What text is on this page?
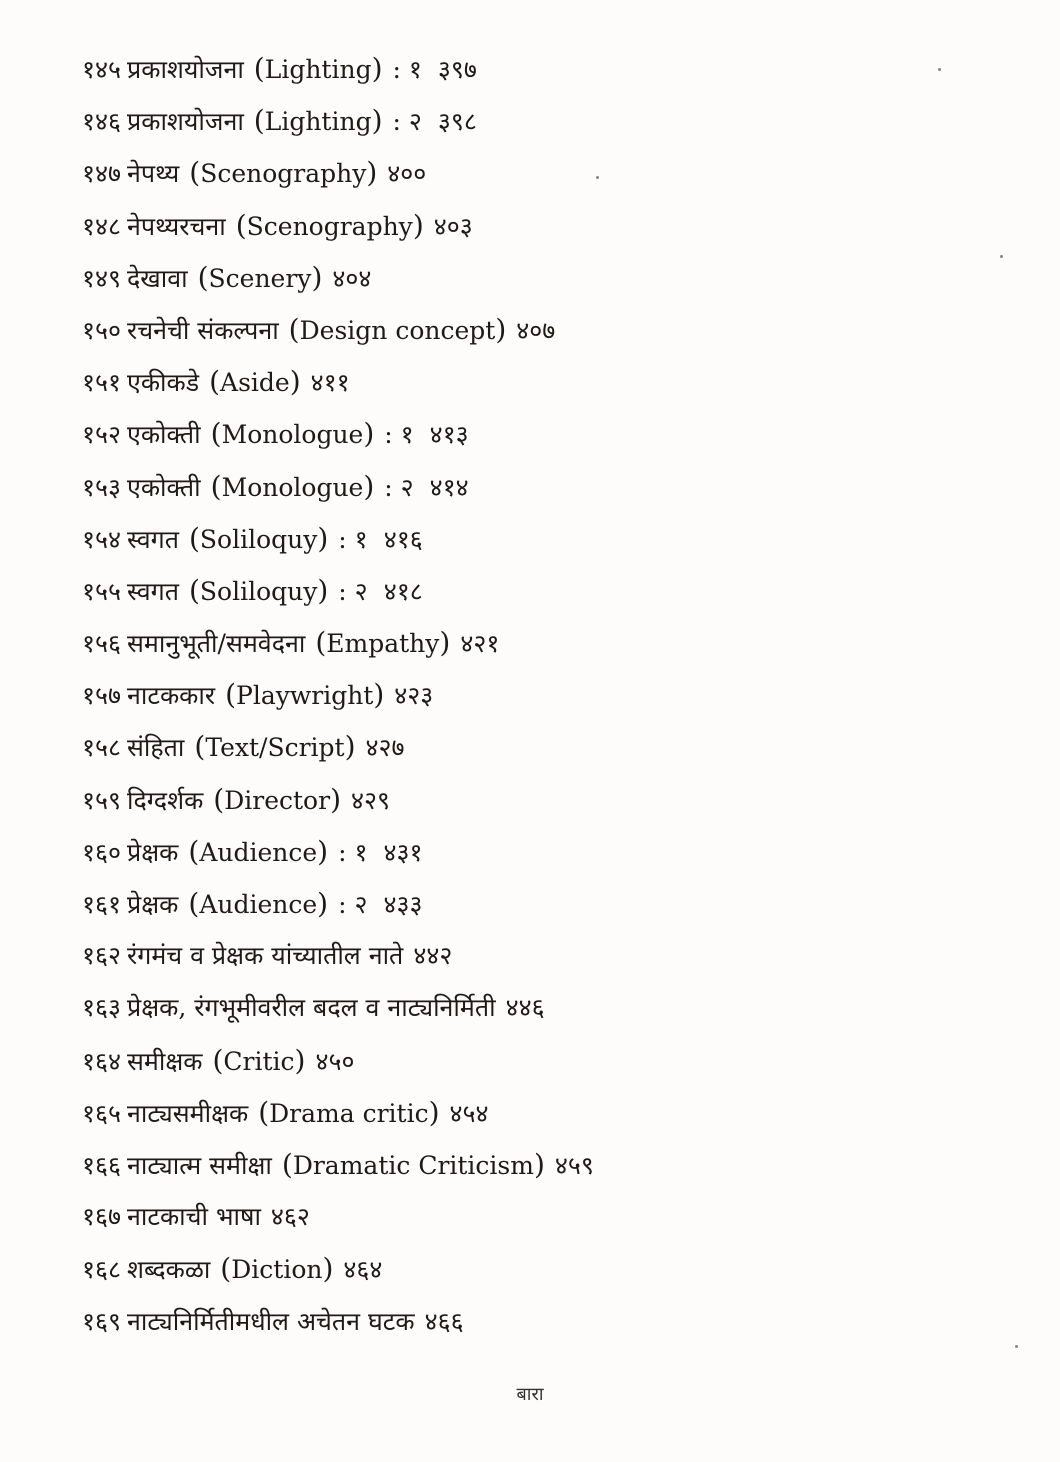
१४५ प्रकाशयोजना ( Lighting ) : १ ३९७
१४६ प्रकाशयोजना ( Lighting ) : २ ३९८
१४७ नेपथ्य ( Scenography ) ४००
१४८ नेपथ्यरचना ( Scenography ) ४०३
१४९ देखावा ( Scenery ) ४०४
१५० रचनेची संकल्पना ( Design concept ) ४०७
१५१ एकीकडे ( Aside ) ४११
१५२ एकोक्ती ( Monologue ) : १ ४१३
१५३ एकोक्ती ( Monologue ) : २ ४१४
१५४ स्वगत ( Soliloquy ) : १ ४१६
१५५ स्वगत ( Soliloquy ) : २ ४१८
१५६ समानुभूती/समवेदना ( Empathy ) ४२१
१५७ नाटककार ( Playwright ) ४२३
१५८ संहिता ( Text/Script ) ४२७
१५९ दिग्दर्शक ( Director ) ४२९
१६० प्रेक्षक ( Audience ) : १ ४३१
१६१ प्रेक्षक ( Audience ) : २ ४३३
१६२ रंगमंच व प्रेक्षक यांच्यातील नाते ४४२
१६३ प्रेक्षक, रंगभूमीवरील बदल व नाट्यनिर्मिती ४४६
१६४ समीक्षक ( Critic ) ४५०
१६५ नाट्यसमीक्षक ( Drama critic ) ४५४
१६६ नाट्यात्म समीक्षा ( Dramatic Criticism ) ४५९
१६७ नाटकाची भाषा ४६२
१६८ शब्दकळा ( Diction ) ४६४
१६९ नाट्यनिर्मितीमधील अचेतन घटक ४६६
बारा
